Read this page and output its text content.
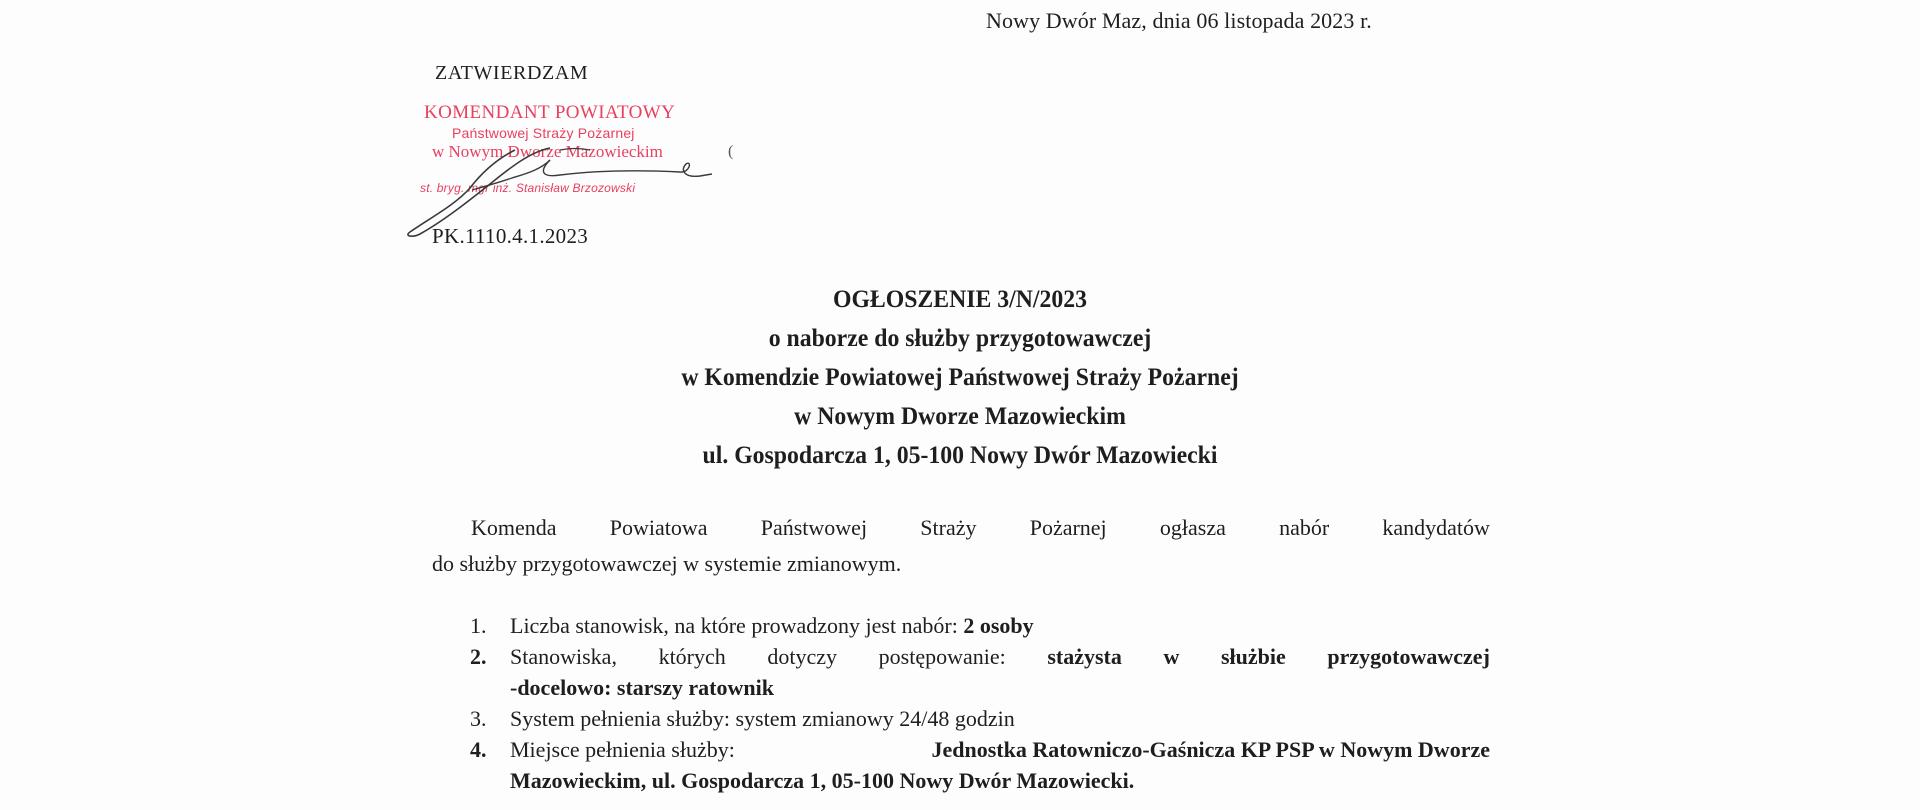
Nowy Dwór Maz, dnia 06 listopada 2023 r.
ZATWIERDZAM
KOMENDANT POWIATOWY
Państwowej Straży Pożarnej
w Nowym Dworze Mazowieckim
st. bryg. mgr inż. Stanisław Brzozowski
(
PK.1110.4.1.2023
OGŁOSZENIE 3/N/2023
o naborze do służby przygotowawczej
w Komendzie Powiatowej Państwowej Straży Pożarnej
w Nowym Dworze Mazowieckim
ul. Gospodarcza 1, 05-100 Nowy Dwór Mazowiecki
Komenda Powiatowa Państwowej Straży Pożarnej ogłasza nabór kandydatów
do służby przygotowawczej w systemie zmianowym.
1.	Liczba stanowisk, na które prowadzony jest nabór: 2 osoby
2.	Stanowiska, których dotyczy postępowanie: stażysta w służbie przygotowawczej
-docelowo: starszy ratownik
3.	System pełnienia służby: system zmianowy 24/48 godzin
4.	Miejsce pełnienia służby:	Jednostka Ratowniczo-Gaśnicza KP PSP w Nowym Dworze
Mazowieckim, ul. Gospodarcza 1, 05-100 Nowy Dwór Mazowiecki.
